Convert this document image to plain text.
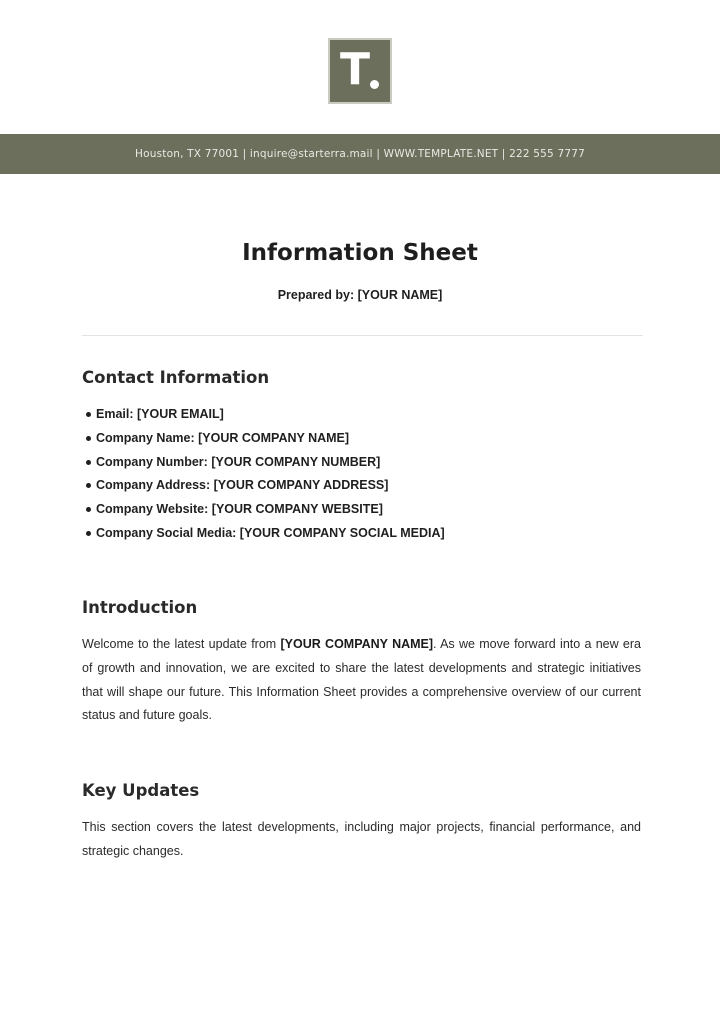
T
Houston, TX 77001 | inquire@starterra.mail | WWW.TEMPLATE.NET | 222 555 7777
Information Sheet
Prepared by: [YOUR NAME]
Contact Information
Email: [YOUR EMAIL]
Company Name: [YOUR COMPANY NAME]
Company Number: [YOUR COMPANY NUMBER]
Company Address: [YOUR COMPANY ADDRESS]
Company Website: [YOUR COMPANY WEBSITE]
Company Social Media: [YOUR COMPANY SOCIAL MEDIA]
Introduction
Welcome to the latest update from [YOUR COMPANY NAME]. As we move forward into a new era of growth and innovation, we are excited to share the latest developments and strategic initiatives that will shape our future. This Information Sheet provides a comprehensive overview of our current status and future goals.
Key Updates
This section covers the latest developments, including major projects, financial performance, and strategic changes.
